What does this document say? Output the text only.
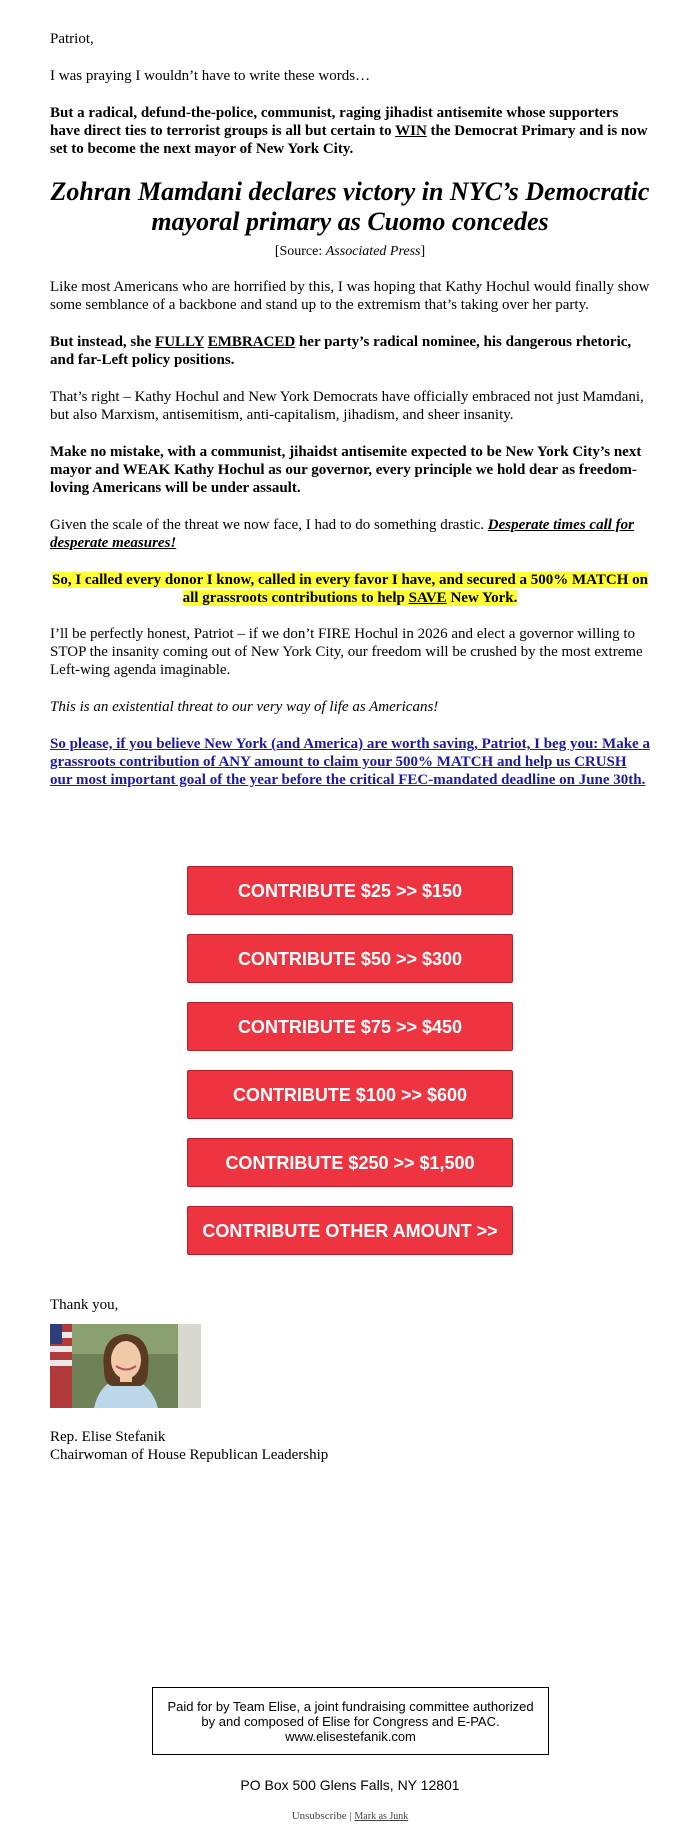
Patriot,

I was praying I wouldn’t have to write these words…

But a radical, defund-the-police, communist, raging jihadist antisemite whose supporters have direct ties to terrorist groups is all but certain to WIN the Democrat Primary and is now set to become the next mayor of New York City.

Zohran Mamdani declares victory in NYC’s Democratic mayoral primary as Cuomo concedes
[Source: Associated Press]

Like most Americans who are horrified by this, I was hoping that Kathy Hochul would finally show some semblance of a backbone and stand up to the extremism that’s taking over her party.

But instead, she FULLY EMBRACED her party’s radical nominee, his dangerous rhetoric, and far-Left policy positions.

That’s right – Kathy Hochul and New York Democrats have officially embraced not just Mamdani, but also Marxism, antisemitism, anti-capitalism, jihadism, and sheer insanity.

Make no mistake, with a communist, jihaidst antisemite expected to be New York City’s next mayor and WEAK Kathy Hochul as our governor, every principle we hold dear as freedom-loving Americans will be under assault.

Given the scale of the threat we now face, I had to do something drastic. Desperate times call for desperate measures!

So, I called every donor I know, called in every favor I have, and secured a 500% MATCH on all grassroots contributions to help SAVE New York.

I’ll be perfectly honest, Patriot – if we don’t FIRE Hochul in 2026 and elect a governor willing to STOP the insanity coming out of New York City, our freedom will be crushed by the most extreme Left-wing agenda imaginable.

This is an existential threat to our very way of life as Americans!

So please, if you believe New York (and America) are worth saving, Patriot, I beg you: Make a grassroots contribution of ANY amount to claim your 500% MATCH and help us CRUSH our most important goal of the year before the critical FEC-mandated deadline on June 30th.

CONTRIBUTE $25 >> $150
CONTRIBUTE $50 >> $300
CONTRIBUTE $75 >> $450
CONTRIBUTE $100 >> $600
CONTRIBUTE $250 >> $1,500
CONTRIBUTE OTHER AMOUNT >>
Thank you,
Rep. Elise Stefanik
Chairwoman of House Republican Leadership
Paid for by Team Elise, a joint fundraising committee authorized by and composed of Elise for Congress and E-PAC. www.elisestefanik.com
PO Box 500 Glens Falls, NY 12801
Unsubscribe | Mark as Junk
